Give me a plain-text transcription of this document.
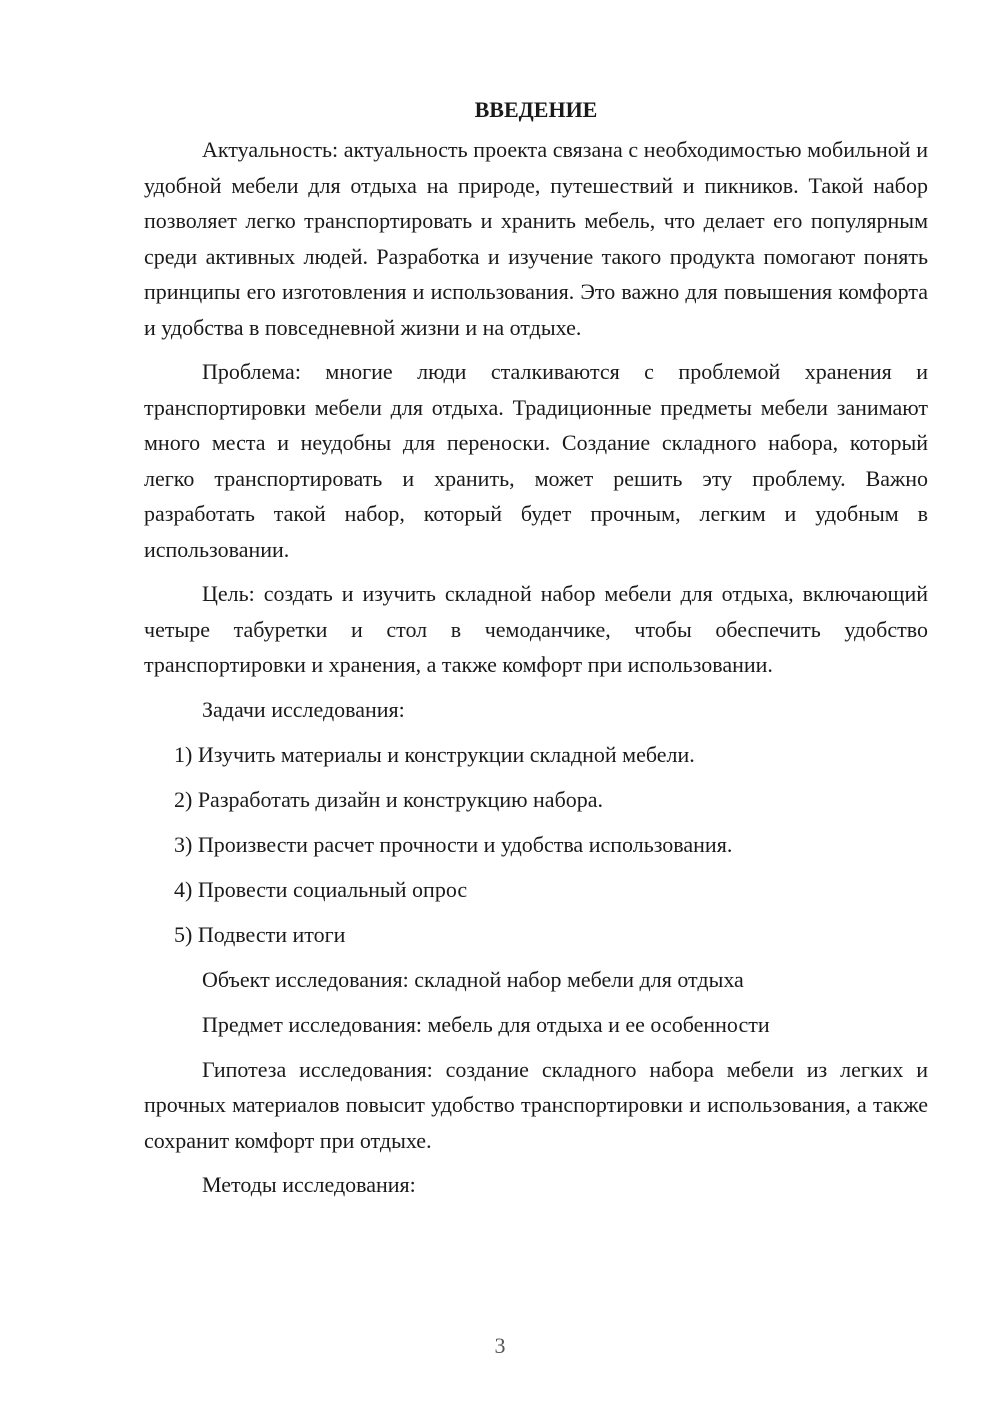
ВВЕДЕНИЕ

Актуальность: актуальность проекта связана с необходимостью мобильной и удобной мебели для отдыха на природе, путешествий и пикников. Такой набор позволяет легко транспортировать и хранить мебель, что делает его популярным среди активных людей. Разработка и изучение такого продукта помогают понять принципы его изготовления и использования. Это важно для повышения комфорта и удобства в повседневной жизни и на отдыхе.

Проблема: многие люди сталкиваются с проблемой хранения и транспортировки мебели для отдыха. Традиционные предметы мебели занимают много места и неудобны для переноски. Создание складного набора, который легко транспортировать и хранить, может решить эту проблему. Важно разработать такой набор, который будет прочным, легким и удобным в использовании.

Цель: создать и изучить складной набор мебели для отдыха, включающий четыре табуретки и стол в чемоданчике, чтобы обеспечить удобство транспортировки и хранения, а также комфорт при использовании.

Задачи исследования:
1) Изучить материалы и конструкции складной мебели.
2) Разработать дизайн и конструкцию набора.
3) Произвести расчет прочности и удобства использования.
4) Провести социальный опрос
5) Подвести итоги
Объект исследования: складной набор мебели для отдыха
Предмет исследования: мебель для отдыха и ее особенности

Гипотеза исследования: создание складного набора мебели из легких и прочных материалов повысит удобство транспортировки и использования, а также сохранит комфорт при отдыхе.

Методы исследования:
3
